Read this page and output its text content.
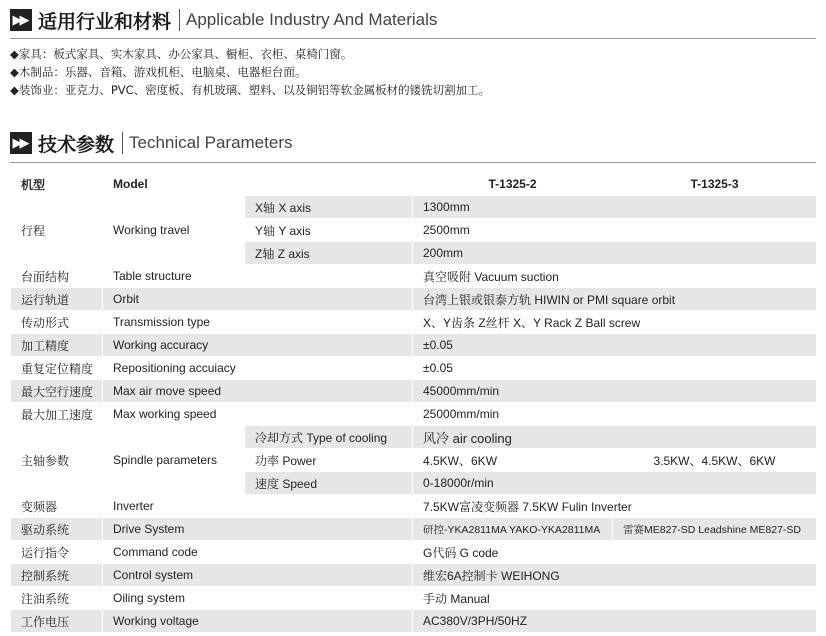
▶▶ 适用行业和材料 Applicable Industry And Materials
◆家具：板式家具、实木家具、办公家具、橱柜、衣柜、桌椅门窗。
◆木制品：乐器、音箱、游戏机柜、电脑桌、电器柜台面。
◆装饰业：亚克力、PVC、密度板、有机玻璃、塑料、以及铜铝等软金属板材的镂铣切割加工。
▶▶ 技术参数 Technical Parameters
机型	Model		T-1325-2	T-1325-3
行程	Working travel	X轴 X axis	1300mm	
		Y轴 Y axis	2500mm	
		Z轴 Z axis	200mm	
台面结构	Table structure		真空吸附 Vacuum suction	
运行轨道	Orbit		台湾上银或银泰方轨 HIWIN or PMI square orbit	
传动形式	Transmission type		X、Y齿条 Z丝杆 X、Y Rack Z Ball screw	
加工精度	Working accuracy		±0.05	
重复定位精度	Repositioning accuiacy		±0.05	
最大空行速度	Max air move speed		45000mm/min	
最大加工速度	Max working speed		25000mm/min	
主轴参数	Spindle parameters	冷却方式 Type of cooling	风冷 air cooling	
		功率 Power	4.5KW、6KW	3.5KW、4.5KW、6KW
		速度 Speed	0-18000r/min	
变频器	Inverter		7.5KW富凌变频器 7.5KW Fulin Inverter	
驱动系统	Drive System		研控-YKA2811MA YAKO-YKA2811MA	雷赛ME827-SD Leadshine ME827-SD
运行指令	Command code		G代码 G code	
控制系统	Control system		维宏6A控制卡 WEIHONG	
注油系统	Oiling system		手动 Manual	
工作电压	Working voltage		AC380V/3PH/50HZ	
